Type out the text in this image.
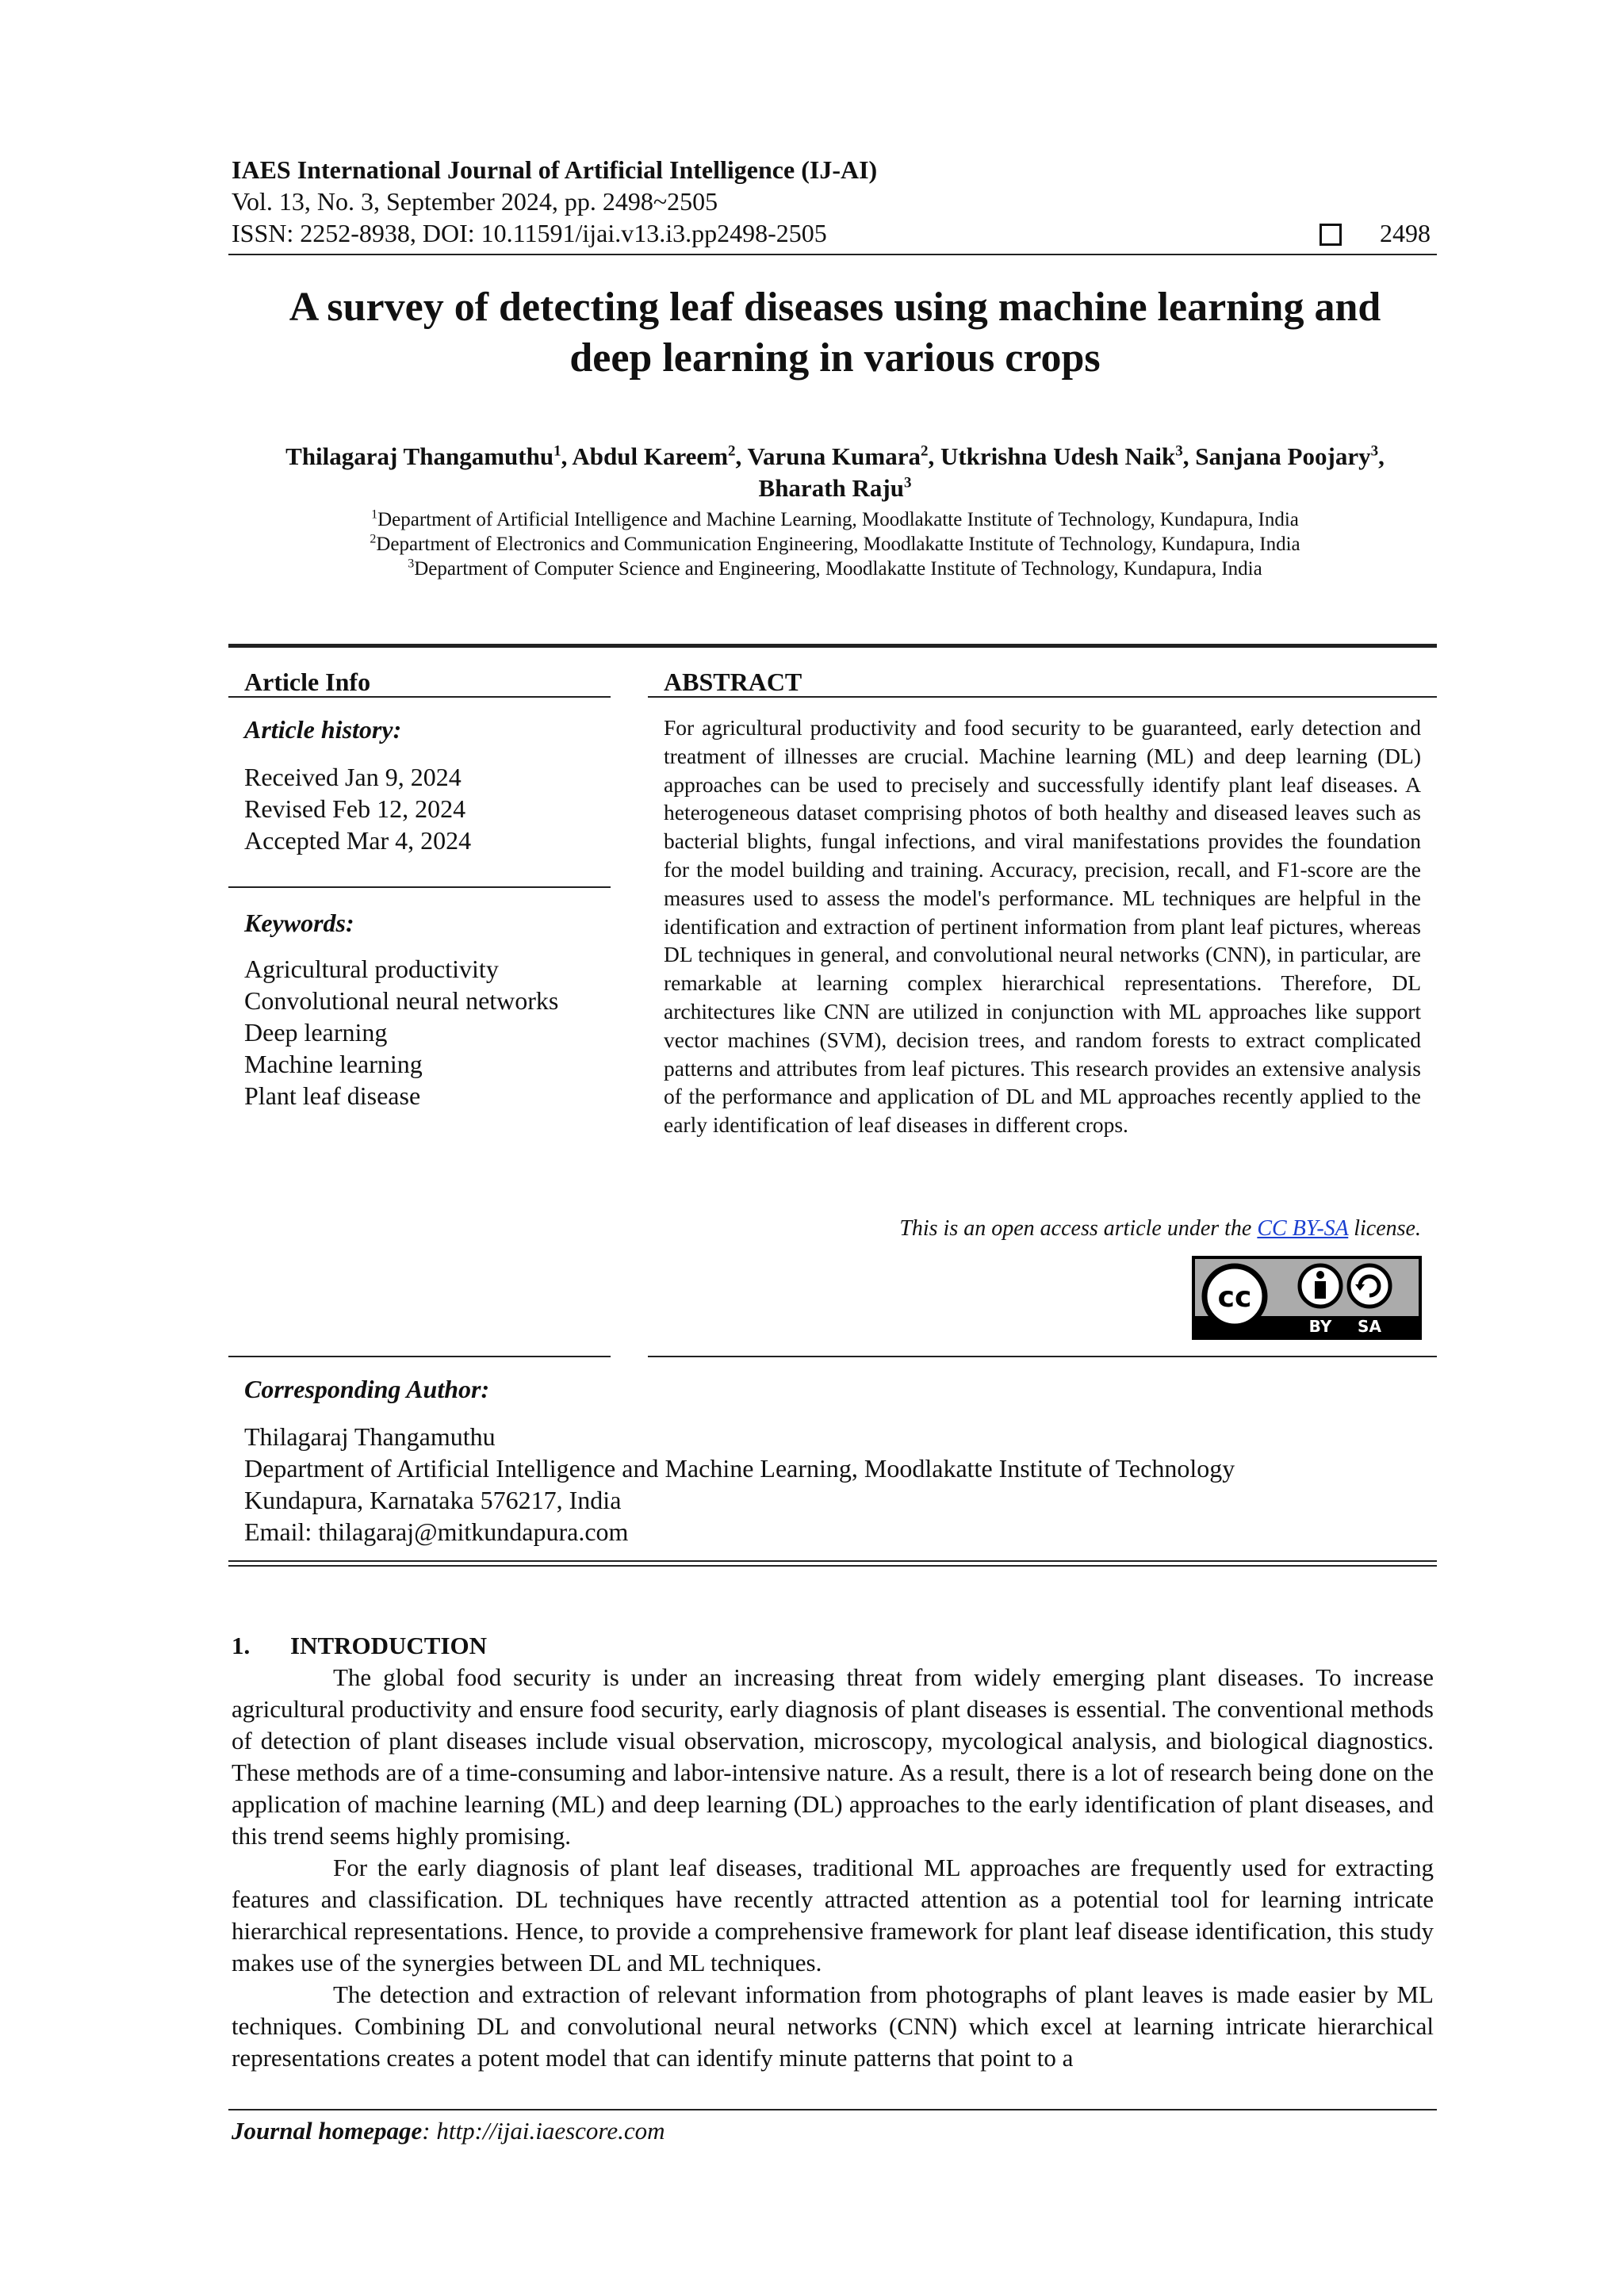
IAES International Journal of Artificial Intelligence (IJ-AI)
Vol. 13, No. 3, September 2024, pp. 2498~2505
ISSN: 2252-8938, DOI: 10.11591/ijai.v13.i3.pp2498-2505	2498
A survey of detecting leaf diseases using machine learning and
deep learning in various crops
Thilagaraj Thangamuthu$^1$, Abdul Kareem$^2$, Varuna Kumara$^2$, Utkrishna Udesh Naik$^3$, Sanjana Poojary$^3$,
Bharath Raju$^3$
$^1$Department of Artificial Intelligence and Machine Learning, Moodlakatte Institute of Technology, Kundapura, India
$^2$Department of Electronics and Communication Engineering, Moodlakatte Institute of Technology, Kundapura, India
$^3$Department of Computer Science and Engineering, Moodlakatte Institute of Technology, Kundapura, India
Article Info
Article history:
Received Jan 9, 2024
Revised Feb 12, 2024
Accepted Mar 4, 2024
Keywords:
Agricultural productivity
Convolutional neural networks
Deep learning
Machine learning
Plant leaf disease
ABSTRACT
For agricultural productivity and food security to be guaranteed, early detection and treatment of illnesses are crucial. Machine learning (ML) and deep learning (DL) approaches can be used to precisely and successfully identify plant leaf diseases. A heterogeneous dataset comprising photos of both healthy and diseased leaves such as bacterial blights, fungal infections, and viral manifestations provides the foundation for the model building and training. Accuracy, precision, recall, and F1-score are the measures used to assess the model's performance. ML techniques are helpful in the identification and extraction of pertinent information from plant leaf pictures, whereas DL techniques in general, and convolutional neural networks (CNN), in particular, are remarkable at learning complex hierarchical representations. Therefore, DL architectures like CNN are utilized in conjunction with ML approaches like support vector machines (SVM), decision trees, and random forests to extract complicated patterns and attributes from leaf pictures. This research provides an extensive analysis of the performance and application of DL and ML approaches recently applied to the early identification of leaf diseases in different crops.
This is an open access article under the CC BY-SA license.
cc
BY SA
Corresponding Author:
Thilagaraj Thangamuthu
Department of Artificial Intelligence and Machine Learning, Moodlakatte Institute of Technology
Kundapura, Karnataka 576217, India
Email: thilagaraj@mitkundapura.com
1. INTRODUCTION
The global food security is under an increasing threat from widely emerging plant diseases. To increase agricultural productivity and ensure food security, early diagnosis of plant diseases is essential. The conventional methods of detection of plant diseases include visual observation, microscopy, mycological analysis, and biological diagnostics. These methods are of a time-consuming and labor-intensive nature. As a result, there is a lot of research being done on the application of machine learning (ML) and deep learning (DL) approaches to the early identification of plant diseases, and this trend seems highly promising.
For the early diagnosis of plant leaf diseases, traditional ML approaches are frequently used for extracting features and classification. DL techniques have recently attracted attention as a potential tool for learning intricate hierarchical representations. Hence, to provide a comprehensive framework for plant leaf disease identification, this study makes use of the synergies between DL and ML techniques.
The detection and extraction of relevant information from photographs of plant leaves is made easier by ML techniques. Combining DL and convolutional neural networks (CNN) which excel at learning intricate hierarchical representations creates a potent model that can identify minute patterns that point to a
Journal homepage: http://ijai.iaescore.com
